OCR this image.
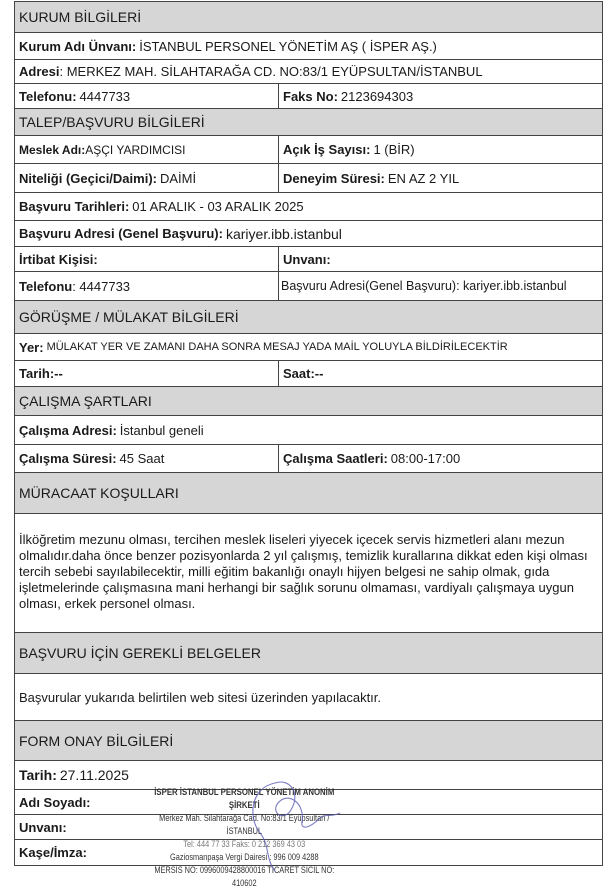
KURUM BİLGİLERİ
Kurum Adı Ünvanı: İSTANBUL PERSONEL YÖNETİM AŞ ( İSPER AŞ.)
Adresi : MERKEZ MAH. SİLAHTARAĞA CD. NO:83/1 EYÜPSULTAN/İSTANBUL
Telefonu: 4447733	Faks No: 2123694303
TALEP/BAŞVURU BİLGİLERİ
Meslek Adı: AŞÇI YARDIMCISI	Açık İş Sayısı: 1 (BİR)
Niteliği (Geçici/Daimi): DAİMİ	Deneyim Süresi: EN AZ 2 YIL
Başvuru Tarihleri: 01 ARALIK - 03 ARALIK 2025
Başvuru Adresi (Genel Başvuru): kariyer.ibb.istanbul
İrtibat Kişisi:	Unvanı:
Telefonu : 4447733	Başvuru Adresi(Genel Başvuru): kariyer.ibb.istanbul
GÖRÜŞME / MÜLAKAT BİLGİLERİ
Yer: MÜLAKAT YER VE ZAMANI DAHA SONRA MESAJ YADA MAİL YOLUYLA BİLDİRİLECEKTİR
Tarih:--	Saat:--
ÇALIŞMA ŞARTLARI
Çalışma Adresi: İstanbul geneli
Çalışma Süresi: 45 Saat	Çalışma Saatleri: 08:00-17:00
MÜRACAAT KOŞULLARI
İlköğretim mezunu olması, tercihen meslek liseleri yiyecek içecek servis hizmetleri alanı mezun olmalıdır.daha önce benzer pozisyonlarda 2 yıl çalışmış, temizlik kurallarına dikkat eden kişi olması tercih sebebi sayılabilecektir, milli eğitim bakanlığı onaylı hijyen belgesi ne sahip olmak, gıda işletmelerinde çalışmasına mani herhangi bir sağlık sorunu olmaması, vardiyalı çalışmaya uygun olması, erkek personel olması.
BAŞVURU İÇİN GEREKLİ BELGELER
Başvurular yukarıda belirtilen web sitesi üzerinden yapılacaktır.
FORM ONAY BİLGİLERİ
Tarih: 27.11.2025
Adı Soyadı:
Unvanı:
Kaşe/İmza:
İSPER İSTANBUL PERSONEL YÖNETİM ANONİM ŞİRKETİ
Merkez Mah. Silahtarağa Cad. No:83/1 Eyüpsultan / İSTANBUL
Tel: 444 77 33 Faks: 0 212 369 43 03
Gaziosmanpaşa Vergi Dairesi : 996 009 4288
MERSİS NO: 0996009428800016 TİCARET SİCİL NO: 410602
